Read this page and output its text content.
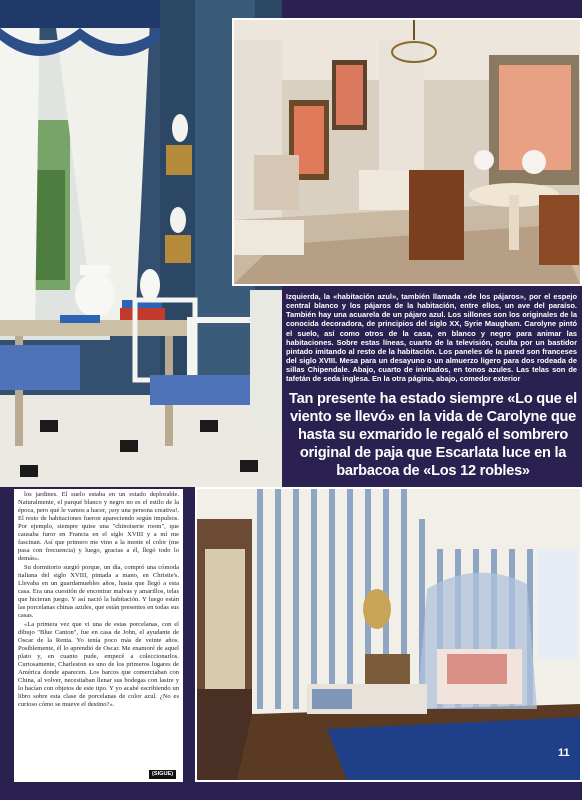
Izquierda, la «habitación azul», también llamada «de los pájaros», por el espejo central blanco y los pájaros de la habitación, entre ellos, un ave del paraíso. También hay una acuarela de un pájaro azul. Los sillones son los originales de la conocida decoradora, de principios del siglo XX, Syrie Maugham. Carolyne pintó el suelo, así como otros de la casa, en blanco y negro para animar las habitaciones. Sobre estas líneas, cuarto de la televisión, oculta por un bastidor pintado imitando al resto de la habitación. Los paneles de la pared son franceses del siglo XVIII. Mesa para un desayuno o un almuerzo ligero para dos rodeada de sillas Chipendale. Abajo, cuarto de invitados, en tonos azules. Las telas son de tafetán de seda inglesa. En la otra página, abajo, comedor exterior

Tan presente ha estado siempre «Lo que el viento se llevó» en la vida de Carolyne que hasta su exmarido le regaló el sombrero original de paja que Escarlata luce en la barbacoa de «Los 12 robles»

los jardines. El suelo estaba en un estado deplorable. Naturalmente, el parqué blanco y negro no es el estilo de la época, pero qué le vamos a hacer, ¡soy una persona creativa!. El resto de habitaciones fueron apareciendo según impulsos. Por ejemplo, siempre quise una "chinoiserie room", que causaba furor en Francia en el siglo XVIII y a mí me fascinan. Así que primero me vino a la mente el color (me pasa con frecuencia) y luego, gracias a él, llegó todo lo demás».

Su dormitorio surgió porque, un día, compró una cómoda italiana del siglo XVIII, pintada a mano, en Christie's. Llevaba en un guardamuebles años, hasta que llegó a esta casa. Era una cuestión de encontrar malvas y amarillos, telas que hicieran juego. Y así nació la habitación. Y luego están las porcelanas chinas azules, que están presentes en todas sus casas.

«La primera vez que vi una de estas porcelanas, con el dibujo "Blue Canton", fue en casa de John, el ayudante de Oscar de la Renta. Yo tenía poco más de veinte años. Posiblemente, él lo aprendió de Oscar. Me enamoré de aquel plato y, en cuanto pude, empecé a coleccionarlos. Curiosamente, Charleston es uno de los primeros lugares de América donde aparecen. Los barcos que comerciaban con China, al volver, necesitaban llenar sus bodegas con lastre y lo hacían con objetos de este tipo. Y yo acabé escribiendo un libro sobre esta clase de porcelanas de color azul. ¿No es curioso cómo se mueve el destino?».

(SIGUE)
11
